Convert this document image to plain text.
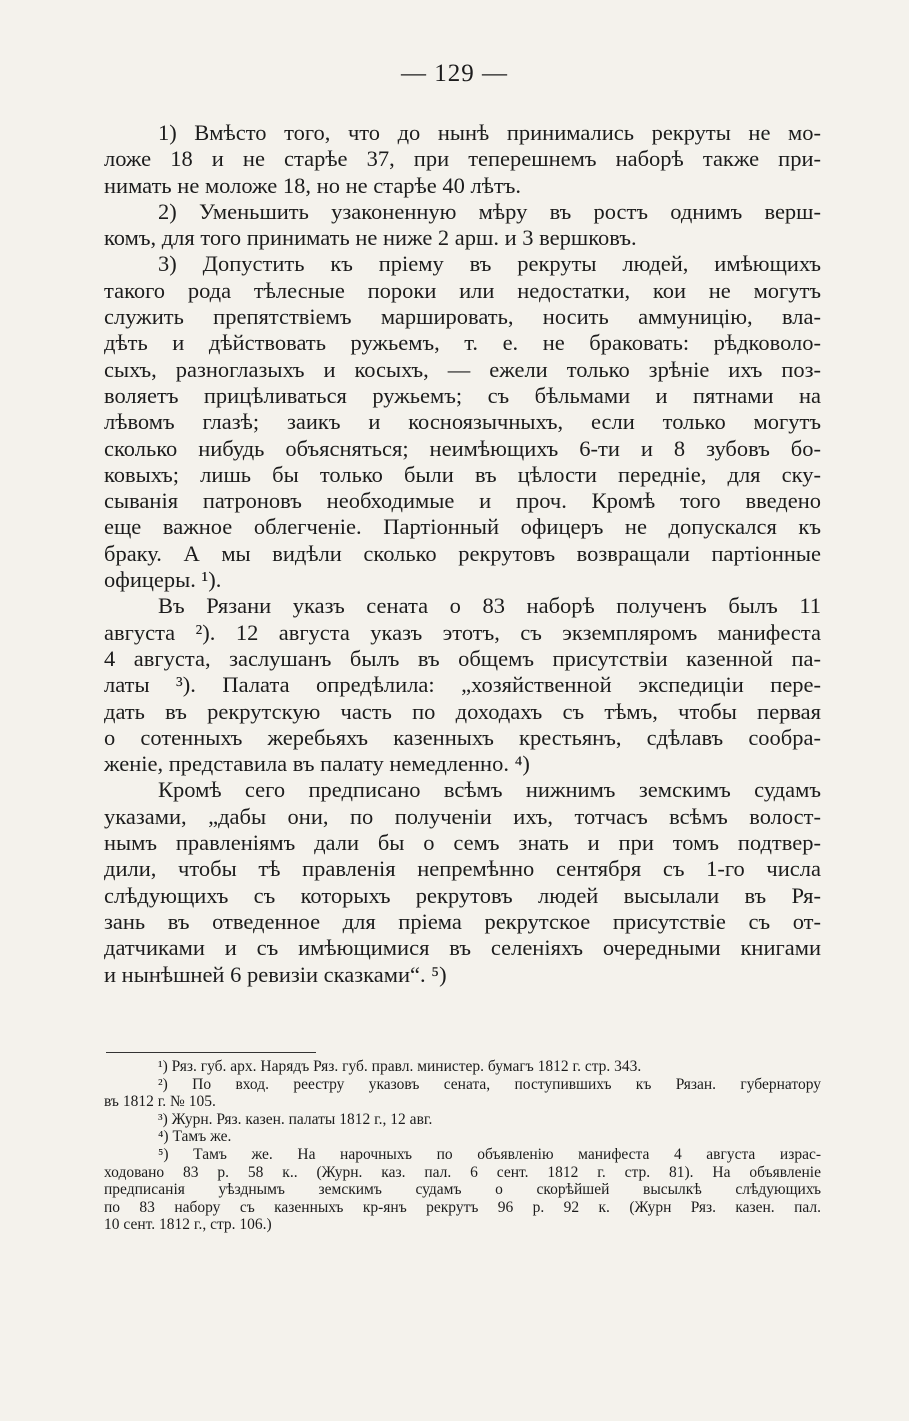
— 129 —
1) Вмѣсто того, что до нынѣ принимались рекруты не мо-
ложе 18 и не старѣе 37, при теперешнемъ наборѣ также при-
нимать не моложе 18, но не старѣе 40 лѣтъ.
2) Уменьшить узаконенную мѣру въ ростъ однимъ верш-
комъ, для того принимать не ниже 2 арш. и 3 вершковъ.
3) Допустить къ пріему въ рекруты людей, имѣющихъ
такого рода тѣлесные пороки или недостатки, кои не могутъ
служить препятствіемъ маршировать, носить аммуницію, вла-
дѣть и дѣйствовать ружьемъ, т. е. не браковать: рѣдковоло-
сыхъ, разноглазыхъ и косыхъ, — ежели только зрѣніе ихъ поз-
воляетъ прицѣливаться ружьемъ; съ бѣльмами и пятнами на
лѣвомъ глазѣ; заикъ и косноязычныхъ, если только могутъ
сколько нибудь объясняться; неимѣющихъ 6-ти и 8 зубовъ бо-
ковыхъ; лишь бы только были въ цѣлости передніе, для ску-
сыванія патроновъ необходимые и проч. Кромѣ того введено
еще важное облегченіе. Партіонный офицеръ не допускался къ
браку. А мы видѣли сколько рекрутовъ возвращали партіонные
офицеры. ¹).
Въ Рязани указъ сената о 83 наборѣ полученъ былъ 11
августа ²). 12 августа указъ этотъ, съ экземпляромъ манифеста
4 августа, заслушанъ былъ въ общемъ присутствіи казенной па-
латы ³). Палата опредѣлила: „хозяйственной экспедиціи пере-
дать въ рекрутскую часть по доходахъ съ тѣмъ, чтобы первая
о сотенныхъ жеребьяхъ казенныхъ крестьянъ, сдѣлавъ сообра-
женіе, представила въ палату немедленно. ⁴)
Кромѣ сего предписано всѣмъ нижнимъ земскимъ судамъ
указами, „дабы они, по полученіи ихъ, тотчасъ всѣмъ волост-
нымъ правленіямъ дали бы о семъ знать и при томъ подтвер-
дили, чтобы тѣ правленія непремѣнно сентября съ 1-го числа
слѣдующихъ съ которыхъ рекрутовъ людей высылали въ Ря-
зань въ отведенное для пріема рекрутское присутствіе съ от-
датчиками и съ имѣющимися въ селеніяхъ очередными книгами
и нынѣшней 6 ревизіи сказками“. ⁵)
¹) Ряз. губ. арх. Нарядъ Ряз. губ. правл. министер. бумагъ 1812 г. стр. 343.
²) По вход. реестру указовъ сената, поступившихъ къ Рязан. губернатору
въ 1812 г. № 105.
³) Журн. Ряз. казен. палаты 1812 г., 12 авг.
⁴) Тамъ же.
⁵) Тамъ же. На нарочныхъ по объявленію манифеста 4 августа израс-
ходовано 83 р. 58 к.. (Журн. каз. пал. 6 сент. 1812 г. стр. 81). На объявленіе
предписанія уѣзднымъ земскимъ судамъ о скорѣйшей высылкѣ слѣдующихъ
по 83 набору съ казенныхъ кр-янъ рекрутъ 96 р. 92 к. (Журн Ряз. казен. пал.
10 сент. 1812 г., стр. 106.)
